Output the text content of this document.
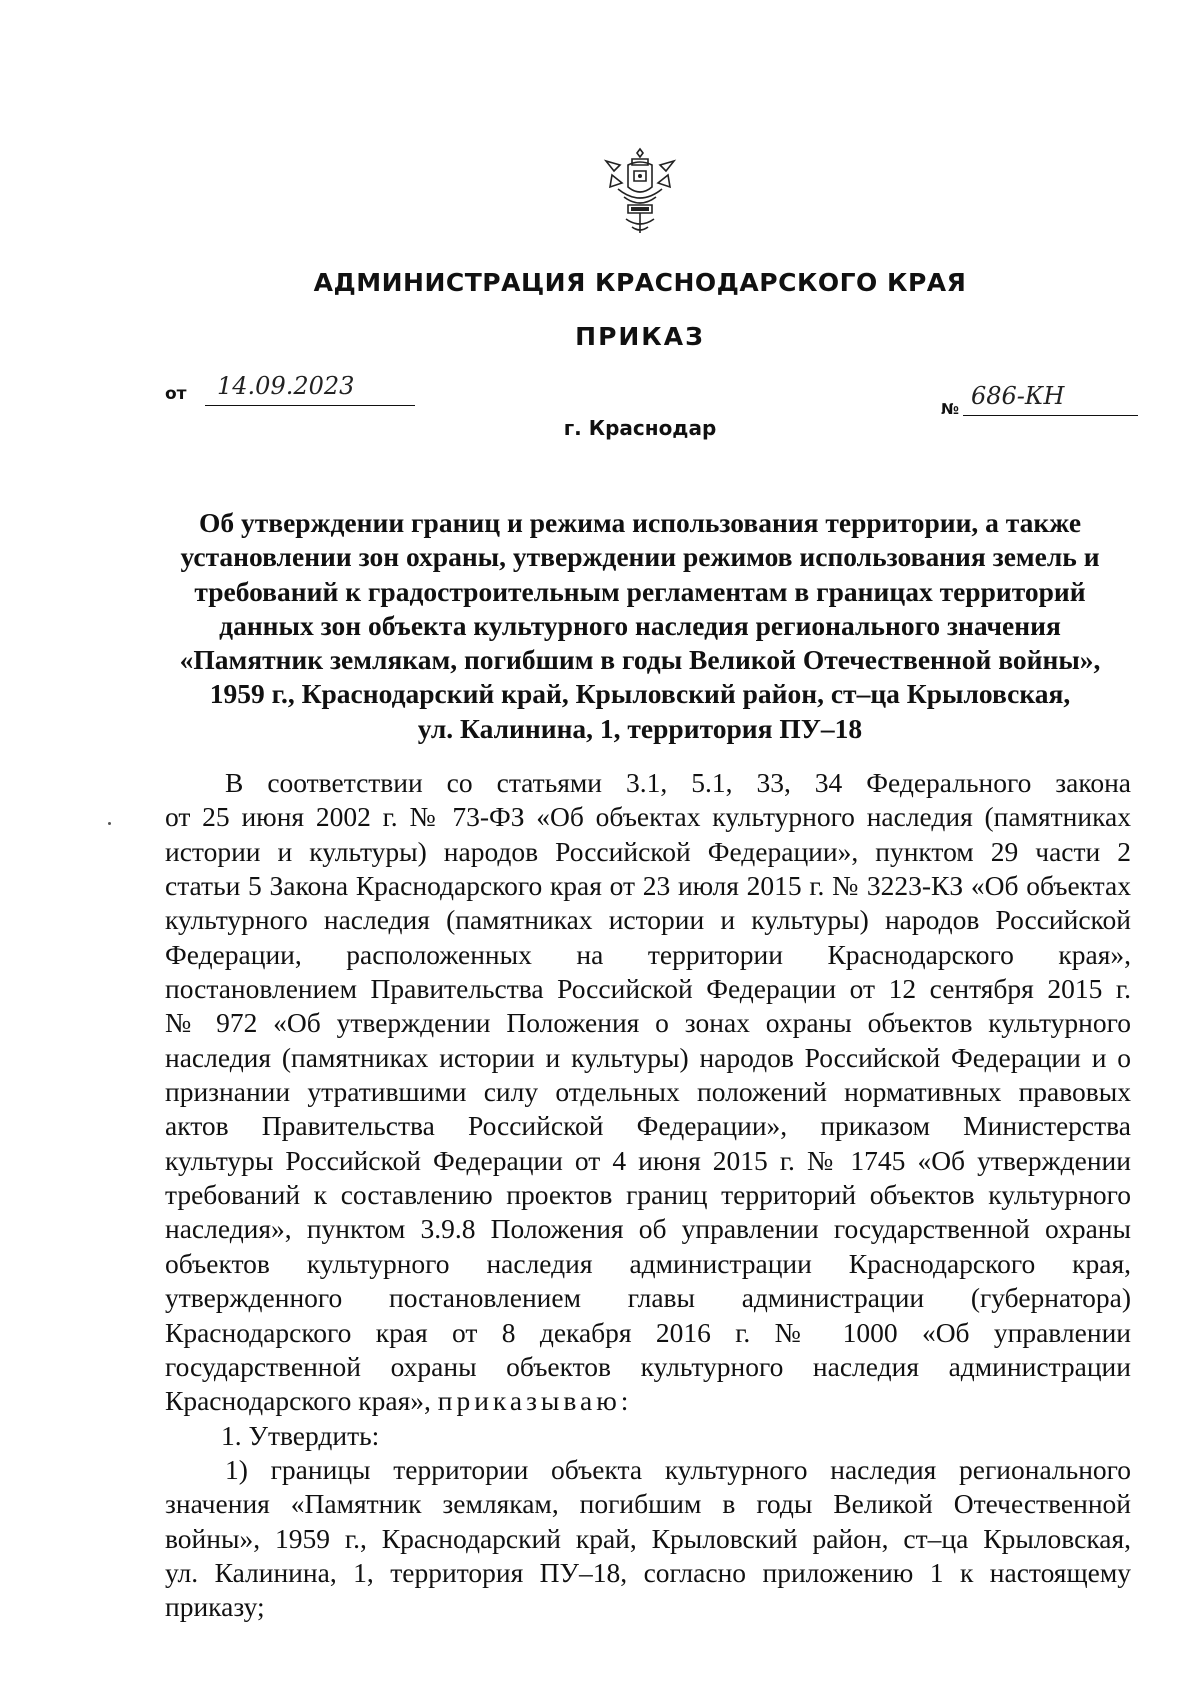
АДМИНИСТРАЦИЯ КРАСНОДАРСКОГО КРАЯ
ПРИКАЗ
от	14.09.2023
№ 686-КН
г. Краснодар
Об утверждении границ и режима использования территории, а также
установлении зон охраны, утверждении режимов использования земель и
требований к градостроительным регламентам в границах территорий
данных зон объекта культурного наследия регионального значения
«Памятник землякам, погибшим в годы Великой Отечественной войны»,
1959 г., Краснодарский край, Крыловский район, ст–ца Крыловская,
ул. Калинина, 1, территория ПУ–18
В соответствии со статьями 3.1, 5.1, 33, 34 Федерального закона
от 25 июня 2002 г. № 73-ФЗ «Об объектах культурного наследия (памятниках
истории и культуры) народов Российской Федерации», пунктом 29 части 2
статьи 5 Закона Краснодарского края от 23 июля 2015 г. № 3223-КЗ «Об объектах
культурного наследия (памятниках истории и культуры) народов Российской
Федерации, расположенных на территории Краснодарского края»,
постановлением Правительства Российской Федерации от 12 сентября 2015 г.
№ 972 «Об утверждении Положения о зонах охраны объектов культурного
наследия (памятниках истории и культуры) народов Российской Федерации и о
признании утратившими силу отдельных положений нормативных правовых
актов Правительства Российской Федерации», приказом Министерства
культуры Российской Федерации от 4 июня 2015 г. № 1745 «Об утверждении
требований к составлению проектов границ территорий объектов культурного
наследия», пунктом 3.9.8 Положения об управлении государственной охраны
объектов культурного наследия администрации Краснодарского края,
утвержденного постановлением главы администрации (губернатора)
Краснодарского края от 8 декабря 2016 г. № 1000 «Об управлении
государственной охраны объектов культурного наследия администрации
Краснодарского края», приказываю:
1. Утвердить:
1) границы территории объекта культурного наследия регионального
значения «Памятник землякам, погибшим в годы Великой Отечественной
войны», 1959 г., Краснодарский край, Крыловский район, ст–ца Крыловская,
ул. Калинина, 1, территория ПУ–18, согласно приложению 1 к настоящему
приказу;
